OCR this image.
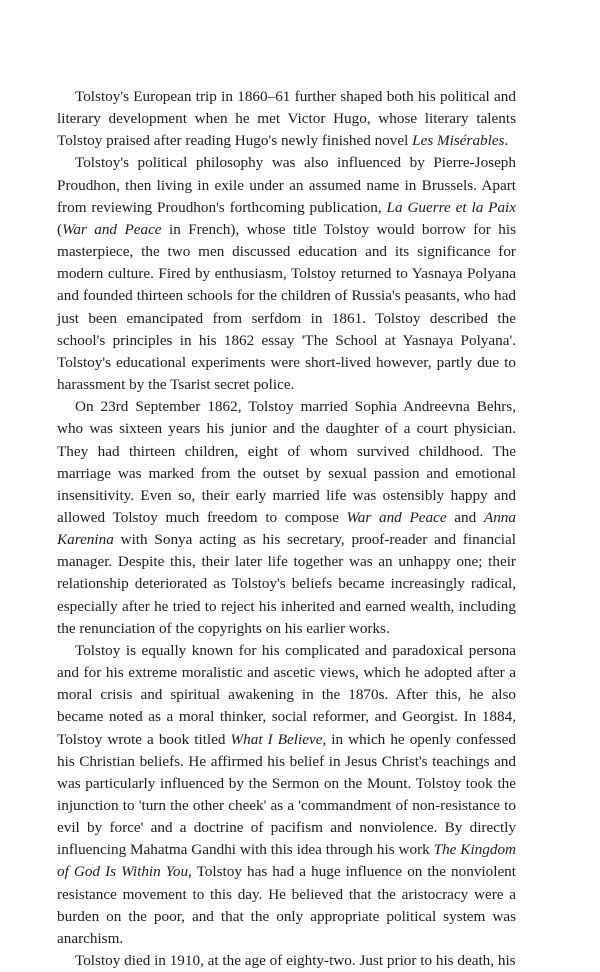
Tolstoy's European trip in 1860–61 further shaped both his political and literary development when he met Victor Hugo, whose literary talents Tolstoy praised after reading Hugo's newly finished novel Les Misérables.

Tolstoy's political philosophy was also influenced by Pierre-Joseph Proudhon, then living in exile under an assumed name in Brussels. Apart from reviewing Proudhon's forthcoming publication, La Guerre et la Paix (War and Peace in French), whose title Tolstoy would borrow for his masterpiece, the two men discussed education and its significance for modern culture. Fired by enthusiasm, Tolstoy returned to Yasnaya Polyana and founded thirteen schools for the children of Russia's peasants, who had just been emancipated from serfdom in 1861. Tolstoy described the school's principles in his 1862 essay 'The School at Yasnaya Polyana'. Tolstoy's educational experiments were short-lived however, partly due to harassment by the Tsarist secret police.

On 23rd September 1862, Tolstoy married Sophia Andreevna Behrs, who was sixteen years his junior and the daughter of a court physician. They had thirteen children, eight of whom survived childhood. The marriage was marked from the outset by sexual passion and emotional insensitivity. Even so, their early married life was ostensibly happy and allowed Tolstoy much freedom to compose War and Peace and Anna Karenina with Sonya acting as his secretary, proof-reader and financial manager. Despite this, their later life together was an unhappy one; their relationship deteriorated as Tolstoy's beliefs became increasingly radical, especially after he tried to reject his inherited and earned wealth, including the renunciation of the copyrights on his earlier works.

Tolstoy is equally known for his complicated and paradoxical persona and for his extreme moralistic and ascetic views, which he adopted after a moral crisis and spiritual awakening in the 1870s. After this, he also became noted as a moral thinker, social reformer, and Georgist. In 1884, Tolstoy wrote a book titled What I Believe, in which he openly confessed his Christian beliefs. He affirmed his belief in Jesus Christ's teachings and was particularly influenced by the Sermon on the Mount. Tolstoy took the injunction to 'turn the other cheek' as a 'commandment of non-resistance to evil by force' and a doctrine of pacifism and nonviolence. By directly influencing Mahatma Gandhi with this idea through his work The Kingdom of God Is Within You, Tolstoy has had a huge influence on the nonviolent resistance movement to this day. He believed that the aristocracy were a burden on the poor, and that the only appropriate political system was anarchism.

Tolstoy died in 1910, at the age of eighty-two. Just prior to his death, his
